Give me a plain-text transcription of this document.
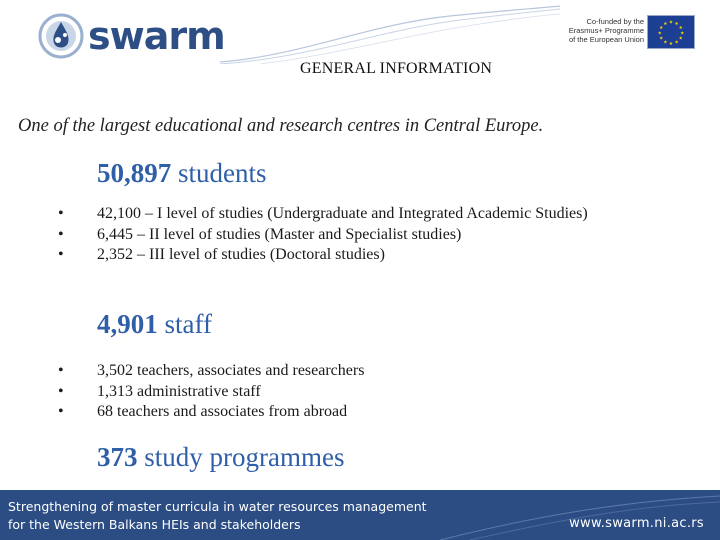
swarm	Co-funded by the
Erasmus+ Programme
of the European Union
★ ★
★
★
★
★
★
★
★
★
★
★
GENERAL INFORMATION
One of the largest educational and research centres in Central Europe.
50,897 students
• 42,100 – I level of studies (Undergraduate and Integrated Academic Studies)
• 6,445 – II level of studies (Master and Specialist studies)
• 2,352 – III level of studies (Doctoral studies)
4,901 staff
• 3,502 teachers, associates and researchers
• 1,313 administrative staff
• 68 teachers and associates from abroad
373 study programmes
Strengthening of master curricula in water resources management
for the Western Balkans HEIs and stakeholders	www.swarm.ni.ac.rs
